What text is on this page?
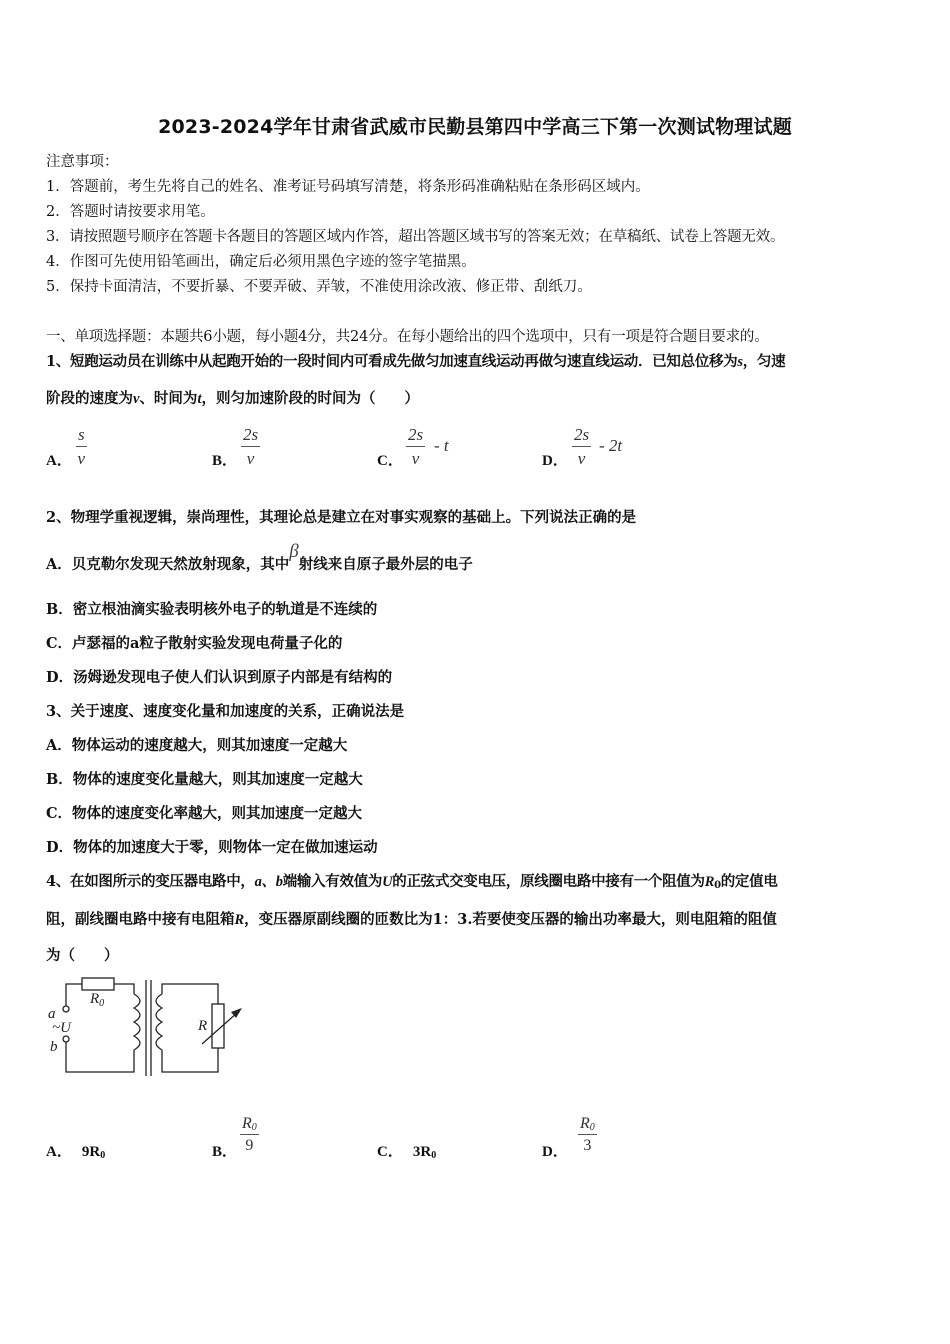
2023-2024学年甘肃省武威市民勤县第四中学高三下第一次测试物理试题
注意事项：
1．答题前，考生先将自己的姓名、准考证号码填写清楚，将条形码准确粘贴在条形码区域内。
2．答题时请按要求用笔。
3．请按照题号顺序在答题卡各题目的答题区域内作答，超出答题区域书写的答案无效；在草稿纸、试卷上答题无效。
4．作图可先使用铅笔画出，确定后必须用黑色字迹的签字笔描黑。
5．保持卡面清洁，不要折暴、不要弄破、弄皱，不准使用涂改液、修正带、刮纸刀。
一、单项选择题：本题共6小题，每小题4分，共24分。在每小题给出的四个选项中，只有一项是符合题目要求的。
1、短跑运动员在训练中从起跑开始的一段时间内可看成先做匀加速直线运动再做匀速直线运动．已知总位移为s，匀速
阶段的速度为v、时间为t，则匀加速阶段的时间为（　　）
A．
s
v	B．
2s
v	C．
2s
v
- t
D．
2s
v
- 2t
2、物理学重视逻辑，崇尚理性，其理论总是建立在对事实观察的基础上。下列说法正确的是
A．贝克勒尔发现天然放射现象，其中β射线来自原子最外层的电子
B．密立根油滴实验表明核外电子的轨道是不连续的
C．卢瑟福的a粒子散射实验发现电荷量子化的
D．汤姆逊发现电子使人们认识到原子内部是有结构的
3、关于速度、速度变化量和加速度的关系，正确说法是
A．物体运动的速度越大，则其加速度一定越大
B．物体的速度变化量越大，则其加速度一定越大
C．物体的速度变化率越大，则其加速度一定越大
D．物体的加速度大于零，则物体一定在做加速运动
4、在如图所示的变压器电路中，a、b端输入有效值为U的正弦式交变电压，原线圈电路中接有一个阻值为$R_0$的定值电
阻，副线圈电路中接有电阻箱R，变压器原副线圈的匝数比为1：3.若要使变压器的输出功率最大，则电阻箱的阻值
为（　　）
$R_0$
a
~U
b
R
A． $9R_0$	B．
$R_0$
9	C． $3R_0$	D．
$R_0$
3
